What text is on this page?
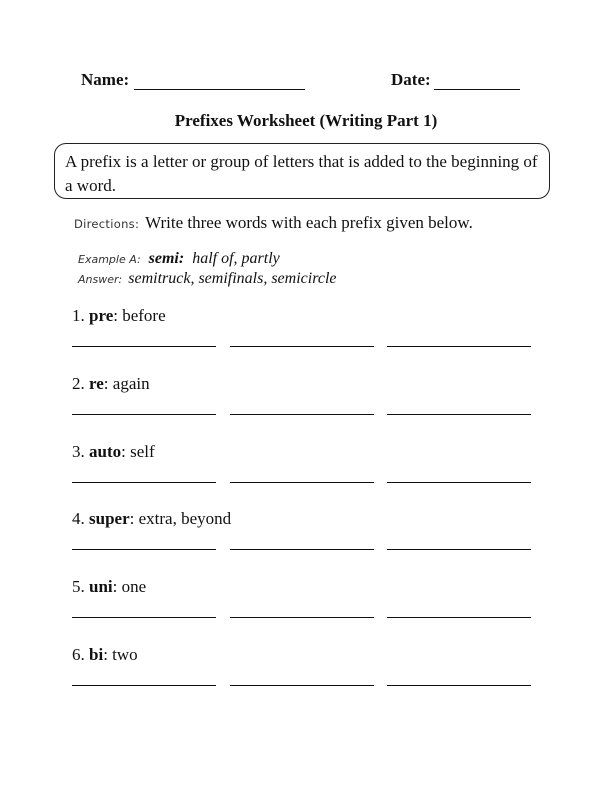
Name:	Date:
Prefixes Worksheet (Writing Part 1)
A prefix is a letter or group of letters that is added to the beginning of a word.
Directions: Write three words with each prefix given below.
Example A: semi: half of, partly
Answer: semitruck, semifinals, semicircle
1. pre: before
2. re: again
3. auto: self
4. super: extra, beyond
5. uni: one
6. bi: two
